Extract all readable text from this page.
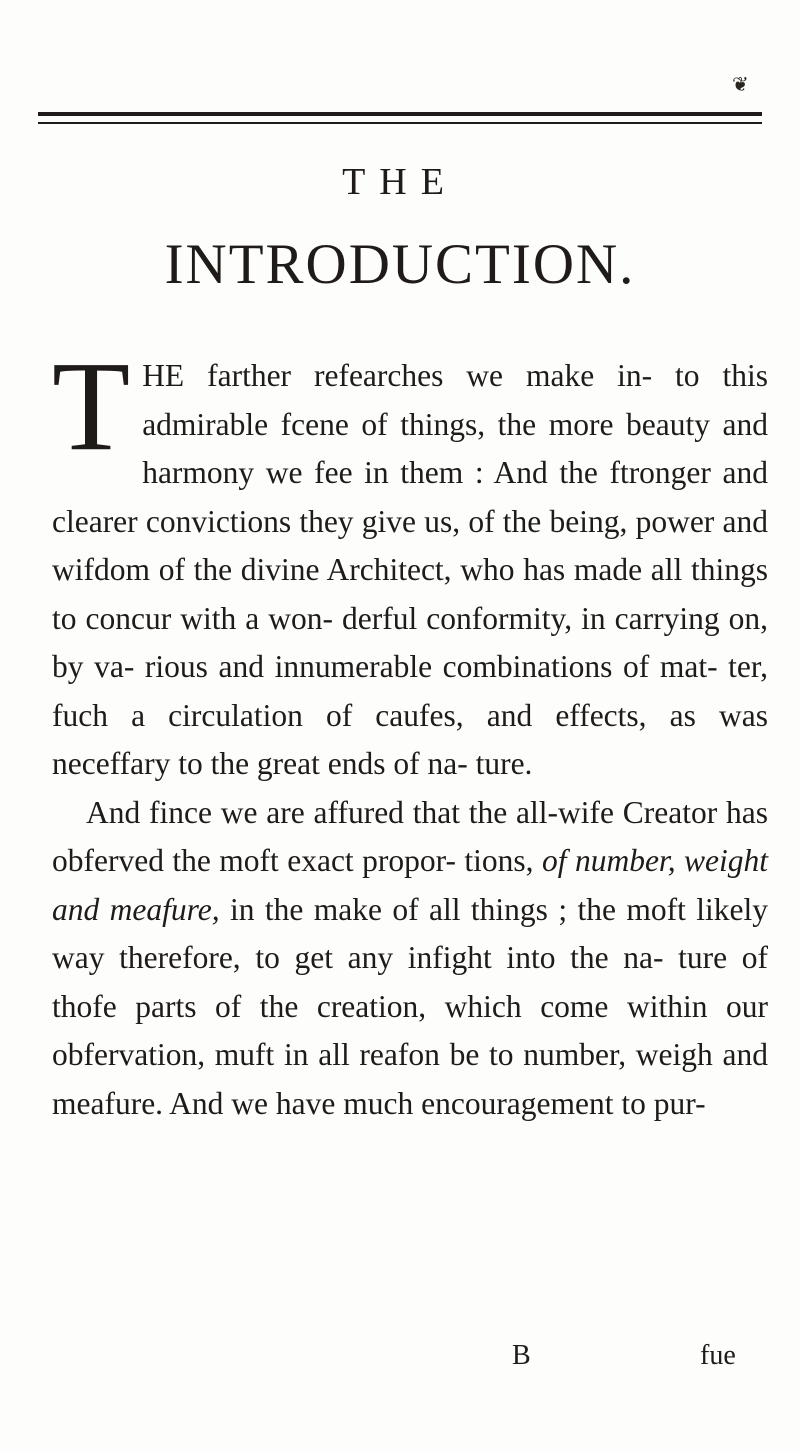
❦
THE
INTRODUCTION.

THE farther refearches we make in- to this admirable fcene of things, the more beauty and harmony we fee in them : And the ftronger and clearer convictions they give us, of the being, power and wifdom of the divine Architect, who has made all things to concur with a won- derful conformity, in carrying on, by va- rious and innumerable combinations of mat- ter, fuch a circulation of caufes, and effects, as was neceffary to the great ends of na- ture.

And fince we are affured that the all-wife Creator has obferved the moft exact propor- tions, of number, weight and meafure, in the make of all things ; the moft likely way therefore, to get any infight into the na- ture of thofe parts of the creation, which come within our obfervation, muft in all reafon be to number, weigh and meafure. And we have much encouragement to pur-

B	fue
